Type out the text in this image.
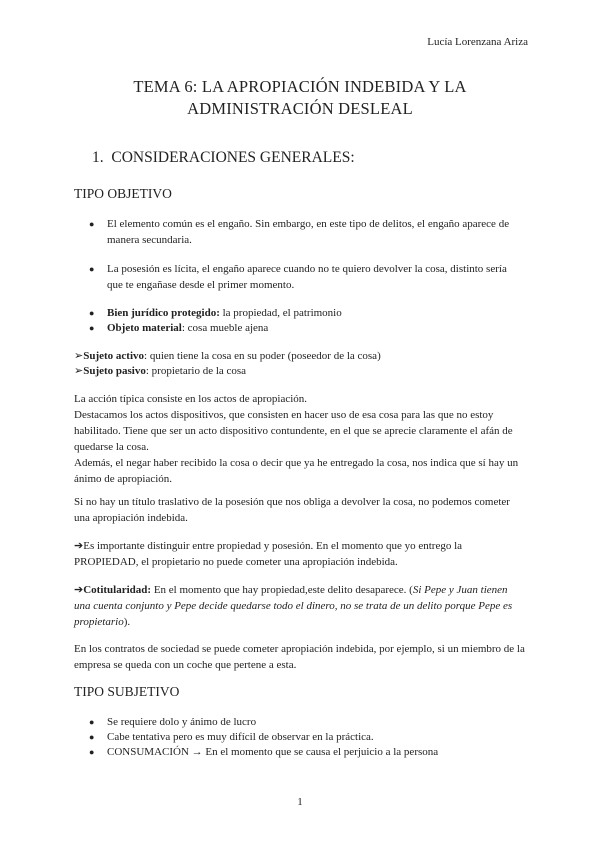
Lucía Lorenzana Ariza
TEMA 6: LA APROPIACIÓN INDEBIDA Y LA
ADMINISTRACIÓN DESLEAL
1. CONSIDERACIONES GENERALES:
TIPO OBJETIVO
● El elemento común es el engaño. Sin embargo, en este tipo de delitos, el engaño aparece de
manera secundaria.
● La posesión es lícita, el engaño aparece cuando no te quiero devolver la cosa, distinto sería
que te engañase desde el primer momento.
● Bien jurídico protegido: la propiedad, el patrimonio
● Objeto material: cosa mueble ajena
➢Sujeto activo: quien tiene la cosa en su poder (poseedor de la cosa)
➢Sujeto pasivo: propietario de la cosa
La acción típica consiste en los actos de apropiación.
Destacamos los actos dispositivos, que consisten en hacer uso de esa cosa para las que no estoy
habilitado. Tiene que ser un acto dispositivo contundente, en el que se aprecie claramente el afán de
quedarse la cosa.
Además, el negar haber recibido la cosa o decir que ya he entregado la cosa, nos indica que sí hay un
ánimo de apropiación.
Si no hay un título traslativo de la posesión que nos obliga a devolver la cosa, no podemos cometer
una apropiación indebida.
➔Es importante distinguir entre propiedad y posesión. En el momento que yo entrego la
PROPIEDAD, el propietario no puede cometer una apropiación indebida.
➔Cotitularidad: En el momento que hay propiedad,este delito desaparece. (Si Pepe y Juan tienen
una cuenta conjunto y Pepe decide quedarse todo el dinero, no se trata de un delito porque Pepe es
propietario).
En los contratos de sociedad se puede cometer apropiación indebida, por ejemplo, si un miembro de la
empresa se queda con un coche que pertene a esta.
TIPO SUBJETIVO
● Se requiere dolo y ánimo de lucro
● Cabe tentativa pero es muy difícil de observar en la práctica.
● CONSUMACIÓN → En el momento que se causa el perjuicio a la persona
1
